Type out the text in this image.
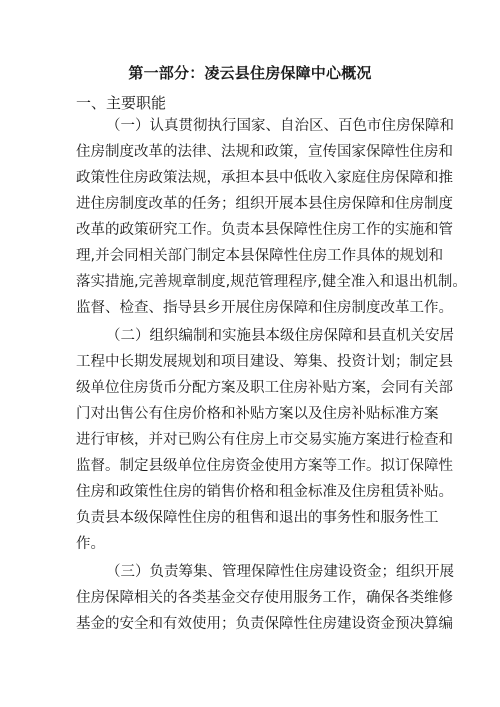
第一部分：凌云县住房保障中心概况
一、主要职能
（一）认真贯彻执行国家、自治区、百色市住房保障和
住房制度改革的法律、法规和政策，宣传国家保障性住房和
政策性住房政策法规，承担本县中低收入家庭住房保障和推
进住房制度改革的任务；组织开展本县住房保障和住房制度
改革的政策研究工作。负责本县保障性住房工作的实施和管
理,并会同相关部门制定本县保障性住房工作具体的规划和
落实措施,完善规章制度,规范管理程序,健全准入和退出机制。
监督、检查、指导县乡开展住房保障和住房制度改革工作。
（二）组织编制和实施县本级住房保障和县直机关安居
工程中长期发展规划和项目建设、筹集、投资计划；制定县
级单位住房货币分配方案及职工住房补贴方案，会同有关部
门对出售公有住房价格和补贴方案以及住房补贴标准方案
进行审核，并对已购公有住房上市交易实施方案进行检查和
监督。制定县级单位住房资金使用方案等工作。拟订保障性
住房和政策性住房的销售价格和租金标准及住房租赁补贴。
负责县本级保障性住房的租售和退出的事务性和服务性工
作。
（三）负责筹集、管理保障性住房建设资金；组织开展
住房保障相关的各类基金交存使用服务工作，确保各类维修
基金的安全和有效使用；负责保障性住房建设资金预决算编
